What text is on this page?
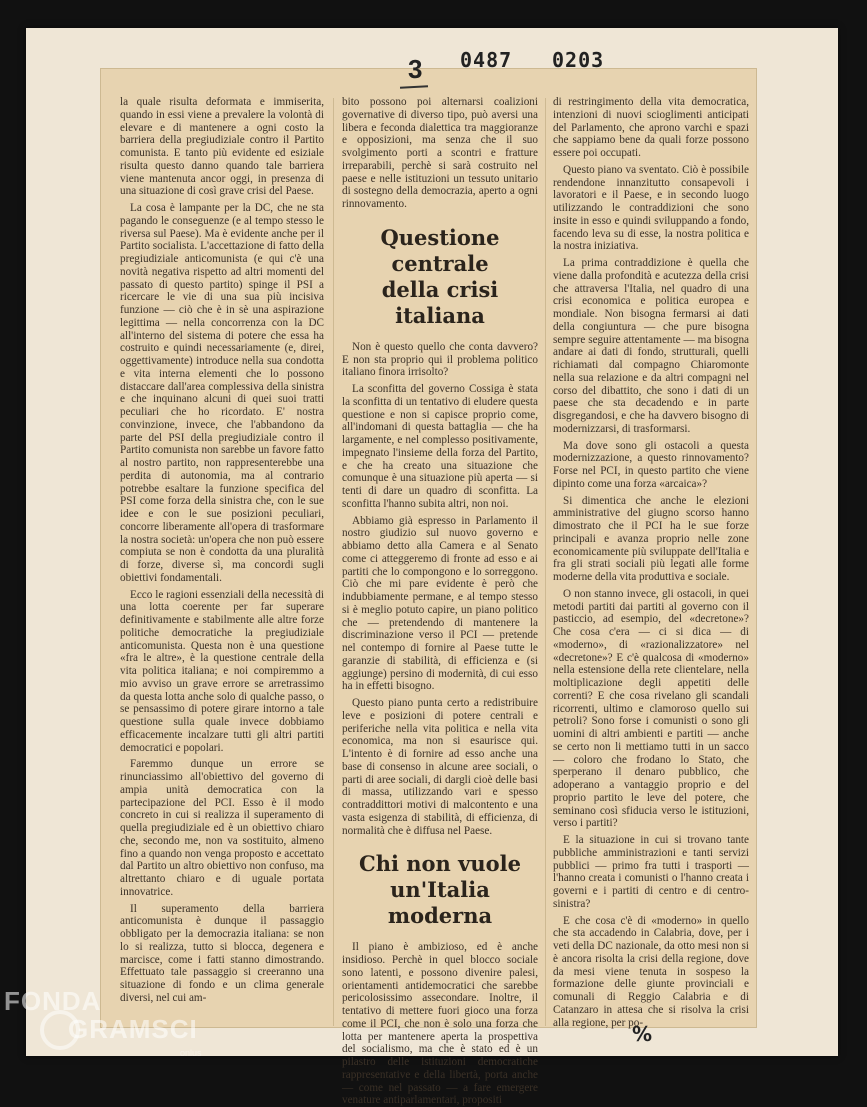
3 0487 0203

la quale risulta deformata e immiserita, quando in essi viene a prevalere la volontà di elevare e di mantenere a ogni costo la barriera della pregiudiziale contro il Partito comunista. E tanto più evidente ed esiziale risulta questo danno quando tale barriera viene mantenuta ancor oggi, in presenza di una situazione di così grave crisi del Paese.

La cosa è lampante per la DC, che ne sta pagando le conseguenze (e al tempo stesso le riversa sul Paese). Ma è evidente anche per il Partito socialista. L'accettazione di fatto della pregiudiziale anticomunista (e qui c'è una novità negativa rispetto ad altri momenti del passato di questo partito) spinge il PSI a ricercare le vie di una sua più incisiva funzione — ciò che è in sè una aspirazione legittima — nella concorrenza con la DC all'interno del sistema di potere che essa ha costruito e quindi necessariamente (e, direi, oggettivamente) introduce nella sua condotta e vita interna elementi che lo possono distaccare dall'area complessiva della sinistra e che inquinano alcuni di quei suoi tratti peculiari che ho ricordato. E' nostra convinzione, invece, che l'abbandono da parte del PSI della pregiudiziale contro il Partito comunista non sarebbe un favore fatto al nostro partito, non rappresenterebbe una perdita di autonomia, ma al contrario potrebbe esaltare la funzione specifica del PSI come forza della sinistra che, con le sue idee e con le sue posizioni peculiari, concorre liberamente all'opera di trasformare la nostra società: un'opera che non può essere compiuta se non è condotta da una pluralità di forze, diverse sì, ma concordi sugli obiettivi fondamentali.

Ecco le ragioni essenziali della necessità di una lotta coerente per far superare definitivamente e stabilmente alle altre forze politiche democratiche la pregiudiziale anticomunista. Questa non è una questione «fra le altre», è la questione centrale della vita politica italiana; e noi compiremmo a mio avviso un grave errore se arretrassimo da questa lotta anche solo di qualche passo, o se pensassimo di potere girare intorno a tale questione sulla quale invece dobbiamo efficacemente incalzare tutti gli altri partiti democratici e popolari.

Faremmo dunque un errore se rinunciassimo all'obiettivo del governo di ampia unità democratica con la partecipazione del PCI. Esso è il modo concreto in cui si realizza il superamento di quella pregiudiziale ed è un obiettivo chiaro che, secondo me, non va sostituito, almeno fino a quando non venga proposto e accettato dal Partito un altro obiettivo non confuso, ma altrettanto chiaro e di uguale portata innovatrice.

Il superamento della barriera anticomunista è dunque il passaggio obbligato per la democrazia italiana: se non lo si realizza, tutto si blocca, degenera e marcisce, come i fatti stanno dimostrando. Effettuato tale passaggio si creeranno una situazione di fondo e un clima generale diversi, nel cui am-

bito possono poi alternarsi coalizioni governative di diverso tipo, può aversi una libera e feconda dialettica tra maggioranze e opposizioni, ma senza che il suo svolgimento porti a scontri e fratture irreparabili, perchè si sarà costruito nel paese e nelle istituzioni un tessuto unitario di sostegno della democrazia, aperto a ogni rinnovamento.

Questione centrale
della crisi italiana

Non è questo quello che conta davvero? E non sta proprio qui il problema politico italiano finora irrisolto?

La sconfitta del governo Cossiga è stata la sconfitta di un tentativo di eludere questa questione e non si capisce proprio come, all'indomani di questa battaglia — che ha largamente, e nel complesso positivamente, impegnato l'insieme della forza del Partito, e che ha creato una situazione che comunque è una situazione più aperta — si tenti di dare un quadro di sconfitta. La sconfitta l'hanno subita altri, non noi.

Abbiamo già espresso in Parlamento il nostro giudizio sul nuovo governo e abbiamo detto alla Camera e al Senato come ci atteggeremo di fronte ad esso e ai partiti che lo compongono e lo sorreggono. Ciò che mi pare evidente è però che indubbiamente permane, e al tempo stesso si è meglio potuto capire, un piano politico che — pretendendo di mantenere la discriminazione verso il PCI — pretende nel contempo di fornire al Paese tutte le garanzie di stabilità, di efficienza e (si aggiunge) persino di modernità, di cui esso ha in effetti bisogno.

Questo piano punta certo a redistribuire leve e posizioni di potere centrali e periferiche nella vita politica e nella vita economica, ma non si esaurisce qui. L'intento è di fornire ad esso anche una base di consenso in alcune aree sociali, o parti di aree sociali, di dargli cioè delle basi di massa, utilizzando vari e spesso contraddittori motivi di malcontento e una vasta esigenza di stabilità, di efficienza, di normalità che è diffusa nel Paese.

Chi non vuole
un'Italia moderna

Il piano è ambizioso, ed è anche insidioso. Perchè in quel blocco sociale sono latenti, e possono divenire palesi, orientamenti antidemocratici che sarebbe pericolosissimo assecondare. Inoltre, il tentativo di mettere fuori gioco una forza come il PCI, che non è solo una forza che lotta per mantenere aperta la prospettiva del socialismo, ma che è stato ed è un pilastro delle istituzioni democratiche rappresentative e della libertà, porta anche — come nel passato — a fare emergere venature antiparlamentari, propositi

di restringimento della vita democratica, intenzioni di nuovi scioglimenti anticipati del Parlamento, che aprono varchi e spazi che sappiamo bene da quali forze possono essere poi occupati.

Questo piano va sventato. Ciò è possibile rendendone innanzitutto consapevoli i lavoratori e il Paese, e in secondo luogo utilizzando le contraddizioni che sono insite in esso e quindi sviluppando a fondo, facendo leva su di esse, la nostra politica e la nostra iniziativa.

La prima contraddizione è quella che viene dalla profondità e acutezza della crisi che attraversa l'Italia, nel quadro di una crisi economica e politica europea e mondiale. Non bisogna fermarsi ai dati della congiuntura — che pure bisogna sempre seguire attentamente — ma bisogna andare ai dati di fondo, strutturali, quelli richiamati dal compagno Chiaromonte nella sua relazione e da altri compagni nel corso del dibattito, che sono i dati di un paese che sta decadendo e in parte disgregandosi, e che ha davvero bisogno di modernizzarsi, di trasformarsi.

Ma dove sono gli ostacoli a questa modernizzazione, a questo rinnovamento? Forse nel PCI, in questo partito che viene dipinto come una forza «arcaica»?

Si dimentica che anche le elezioni amministrative del giugno scorso hanno dimostrato che il PCI ha le sue forze principali e avanza proprio nelle zone economicamente più sviluppate dell'Italia e fra gli strati sociali più legati alle forme moderne della vita produttiva e sociale.

O non stanno invece, gli ostacoli, in quei metodi partiti dai partiti al governo con il pasticcio, ad esempio, del «decretone»? Che cosa c'era — ci si dica — di «moderno», di «razionalizzatore» nel «decretone»? E c'è qualcosa di «moderno» nella estensione della rete clientelare, nella moltiplicazione degli appetiti delle correnti? E che cosa rivelano gli scandali ricorrenti, ultimo e clamoroso quello sui petroli? Sono forse i comunisti o sono gli uomini di altri ambienti e partiti — anche se certo non li mettiamo tutti in un sacco — coloro che frodano lo Stato, che sperperano il denaro pubblico, che adoperano a vantaggio proprio e del proprio partito le leve del potere, che seminano così sfiducia verso le istituzioni, verso i partiti?

E la situazione in cui si trovano tante pubbliche amministrazioni e tanti servizi pubblici — primo fra tutti i trasporti — l'hanno creata i comunisti o l'hanno creata i governi e i partiti di centro e di centro-sinistra?

E che cosa c'è di «moderno» in quello che sta accadendo in Calabria, dove, per i veti della DC nazionale, da otto mesi non si è ancora risolta la crisi della regione, dove da mesi viene tenuta in sospeso la formazione delle giunte provinciali e comunali di Reggio Calabria e di Catanzaro in attesa che si risolva la crisi alla regione, per po-

%
FONDA
GRAMSCI
onlus
